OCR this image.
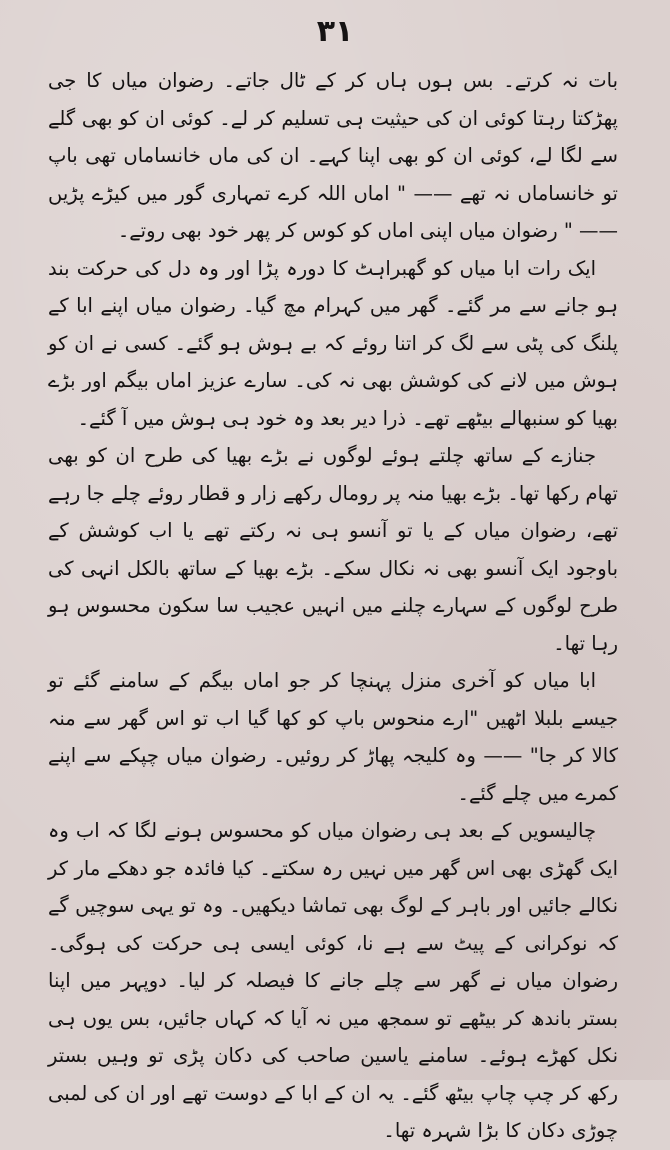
۳۱

بات نہ کرتے۔ بس ہوں ہاں کر کے ٹال جاتے۔ رضوان میاں کا جی پھڑکتا رہتا کوئی ان کی حیثیت ہی تسلیم کر لے۔ کوئی ان کو بھی گلے سے لگا لے، کوئی ان کو بھی اپنا کہے۔ ان کی ماں خانساماں تھی باپ تو خانساماں نہ تھے —— " اماں اللہ کرے تمہاری گور میں کیڑے پڑیں —— " رضوان میاں اپنی اماں کو کوس کر پھر خود بھی روتے۔

ایک رات ابا میاں کو گھبراہٹ کا دورہ پڑا اور وہ دل کی حرکت بند ہو جانے سے مر گئے۔ گھر میں کہرام مچ گیا۔ رضوان میاں اپنے ابا کے پلنگ کی پٹی سے لگ کر اتنا روئے کہ بے ہوش ہو گئے۔ کسی نے ان کو ہوش میں لانے کی کوشش بھی نہ کی۔ سارے عزیز اماں بیگم اور بڑے بھیا کو سنبھالے بیٹھے تھے۔ ذرا دیر بعد وہ خود ہی ہوش میں آ گئے۔

جنازے کے ساتھ چلتے ہوئے لوگوں نے بڑے بھیا کی طرح ان کو بھی تھام رکھا تھا۔ بڑے بھیا منہ پر رومال رکھے زار و قطار روئے چلے جا رہے تھے، رضوان میاں کے یا تو آنسو ہی نہ رکتے تھے یا اب کوشش کے باوجود ایک آنسو بھی نہ نکال سکے۔ بڑے بھیا کے ساتھ بالکل انہی کی طرح لوگوں کے سہارے چلنے میں انہیں عجیب سا سکون محسوس ہو رہا تھا۔

ابا میاں کو آخری منزل پہنچا کر جو اماں بیگم کے سامنے گئے تو جیسے بلبلا اٹھیں "ارے منحوس باپ کو کھا گیا اب تو اس گھر سے منہ کالا کر جا" —— وہ کلیجہ پھاڑ کر روئیں۔ رضوان میاں چپکے سے اپنے کمرے میں چلے گئے۔

چالیسویں کے بعد ہی رضوان میاں کو محسوس ہونے لگا کہ اب وہ ایک گھڑی بھی اس گھر میں نہیں رہ سکتے۔ کیا فائدہ جو دھکے مار کر نکالے جائیں اور باہر کے لوگ بھی تماشا دیکھیں۔ وہ تو یہی سوچیں گے کہ نوکرانی کے پیٹ سے ہے نا، کوئی ایسی ہی حرکت کی ہوگی۔ رضوان میاں نے گھر سے چلے جانے کا فیصلہ کر لیا۔ دوپہر میں اپنا بستر باندھ کر بیٹھے تو سمجھ میں نہ آیا کہ کہاں جائیں، بس یوں ہی نکل کھڑے ہوئے۔ سامنے یاسین صاحب کی دکان پڑی تو وہیں بستر رکھ کر چپ چاپ بیٹھ گئے۔ یہ ان کے ابا کے دوست تھے اور ان کی لمبی چوڑی دکان کا بڑا شہرہ تھا۔
